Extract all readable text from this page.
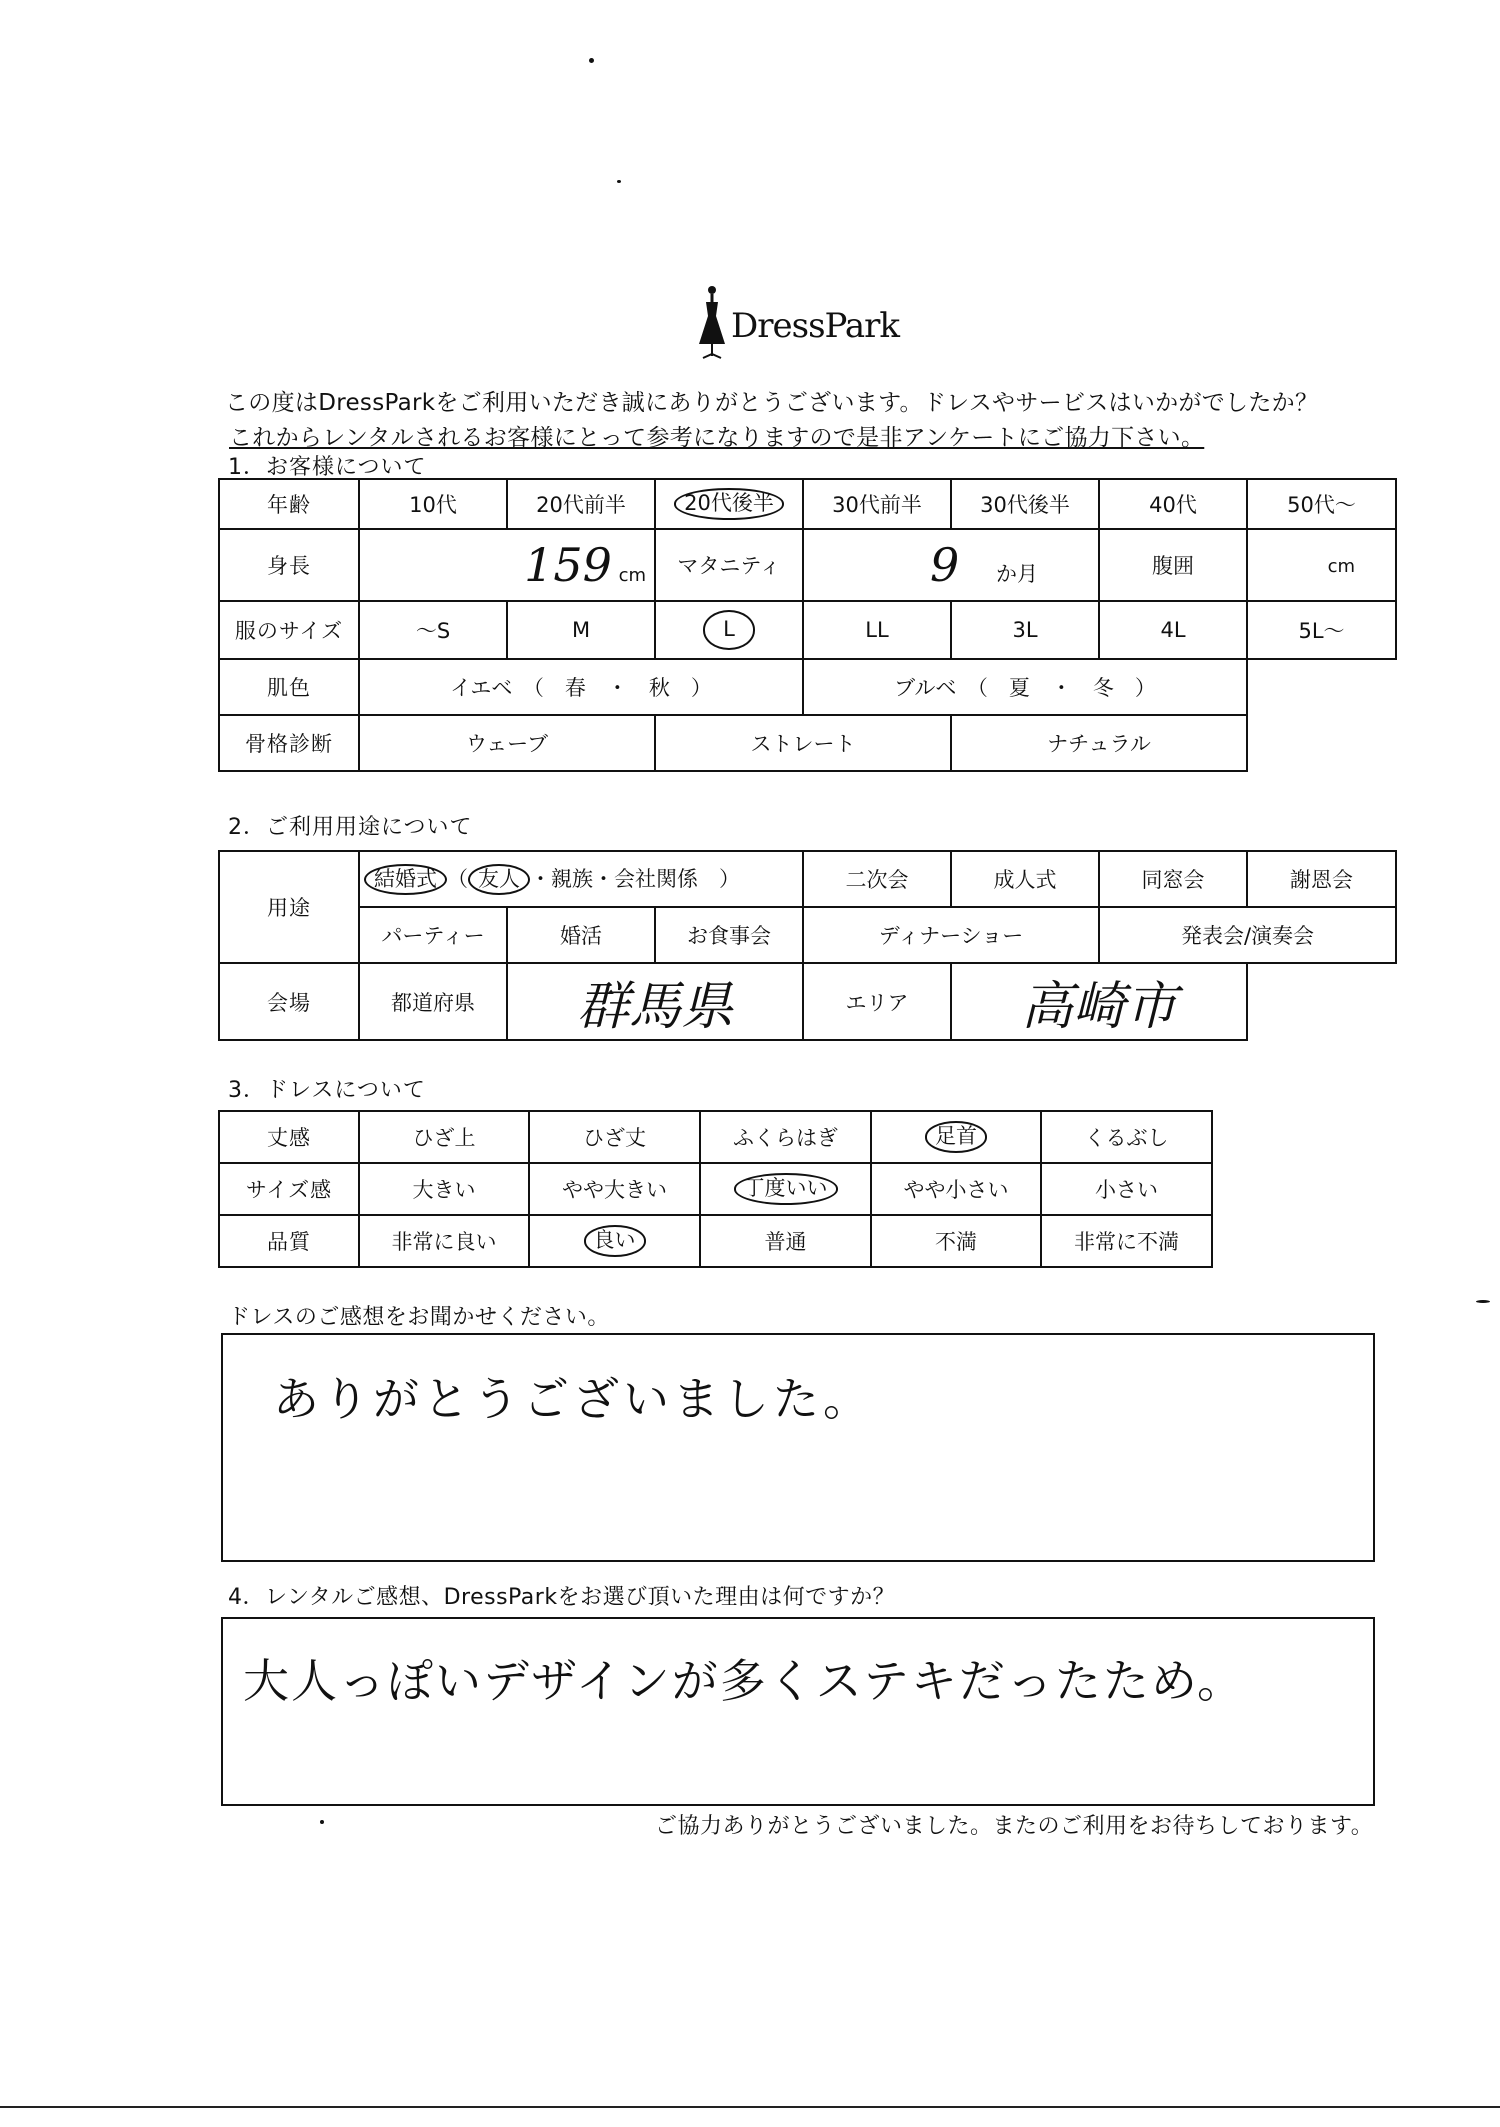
DressPark
この度はDressParkをご利用いただき誠にありがとうございます。ドレスやサービスはいかがでしたか？
これからレンタルされるお客様にとって参考になりますので是非アンケートにご協力下さい。
1．お客様について
年齢	10代	20代前半	20代後半	30代前半	30代後半	40代	50代～
身長	159 cm		マタニティ	9 か月		腹囲	cm
服のサイズ	～S	M	L	LL	3L	4L	5L～
肌色	イエベ　（　春　・　秋　）			ブルベ　（　夏　・　冬　）			
骨格診断	ウェーブ		ストレート		ナチュラル		
2．ご利用用途について
用途	結婚式 （ 友人 ・親族・会社関係　）			二次会	成人式	同窓会	謝恩会
	パーティー	婚活	お食事会	ディナーショー		発表会/演奏会	
会場	都道府県	群馬県		エリア	高崎市		
3．ドレスについて
丈感	ひざ上	ひざ丈	ふくらはぎ	足首	くるぶし
サイズ感	大きい	やや大きい	丁度いい	やや小さい	小さい
品質	非常に良い	良い	普通	不満	非常に不満
ドレスのご感想をお聞かせください。
ありがとうございました。
4．レンタルご感想、DressParkをお選び頂いた理由は何ですか？
大人っぽいデザインが多くステキだったため。
ご協力ありがとうございました。またのご利用をお待ちしております。
